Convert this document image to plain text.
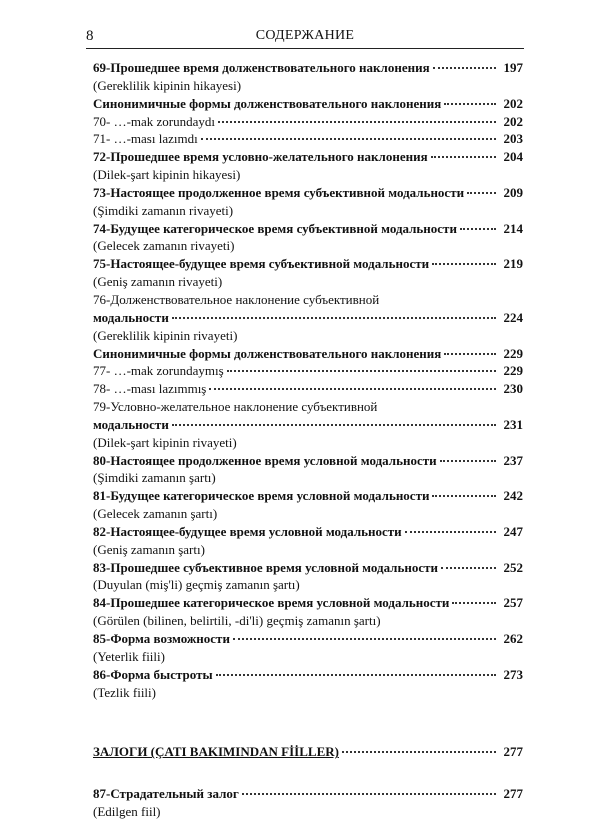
8	СОДЕРЖАНИЕ
69-Прошедшее время долженствовательного наклонения	197
(Gereklilik kipinin hikayesi)
Синонимичные формы долженствовательного наклонения	202
70- …-mak zorundaydı	202
71- …-ması lazımdı	203
72-Прошедшее время условно-желательного наклонения	204
(Dilek-şart kipinin hikayesi)
73-Настоящее продолженное время субъективной модальности	209
(Şimdiki zamanın rivayeti)
74-Будущее категорическое время субъективной модальности	214
(Gelecek zamanın rivayeti)
75-Настоящее-будущее время субъективной модальности	219
(Geniş zamanın rivayeti)
76-Долженствовательное наклонение субъективной
модальности	224
(Gereklilik kipinin rivayeti)
Синонимичные формы долженствовательного наклонения	229
77- …-mak zorundaymış	229
78- …-ması lazımmış	230
79-Условно-желательное наклонение субъективной
модальности	231
(Dilek-şart kipinin rivayeti)
80-Настоящее продолженное время условной модальности	237
(Şimdiki zamanın şartı)
81-Будущее категорическое время условной модальности	242
(Gelecek zamanın şartı)
82-Настоящее-будущее время условной модальности	247
(Geniş zamanın şartı)
83-Прошедшее субъективное время условной модальности	252
(Duyulan (miş'li) geçmiş zamanın şartı)
84-Прошедшее категорическое время условной модальности	257
(Görülen (bilinen, belirtili, -di'li) geçmiş zamanın şartı)
85-Форма возможности	262
(Yeterlik fiili)
86-Форма быстроты	273
(Tezlik fiili)
ЗАЛОГИ (ÇATI BAKIMINDAN FİİLLER)	277
87-Страдательный залог	277
(Edilgen fiil)
